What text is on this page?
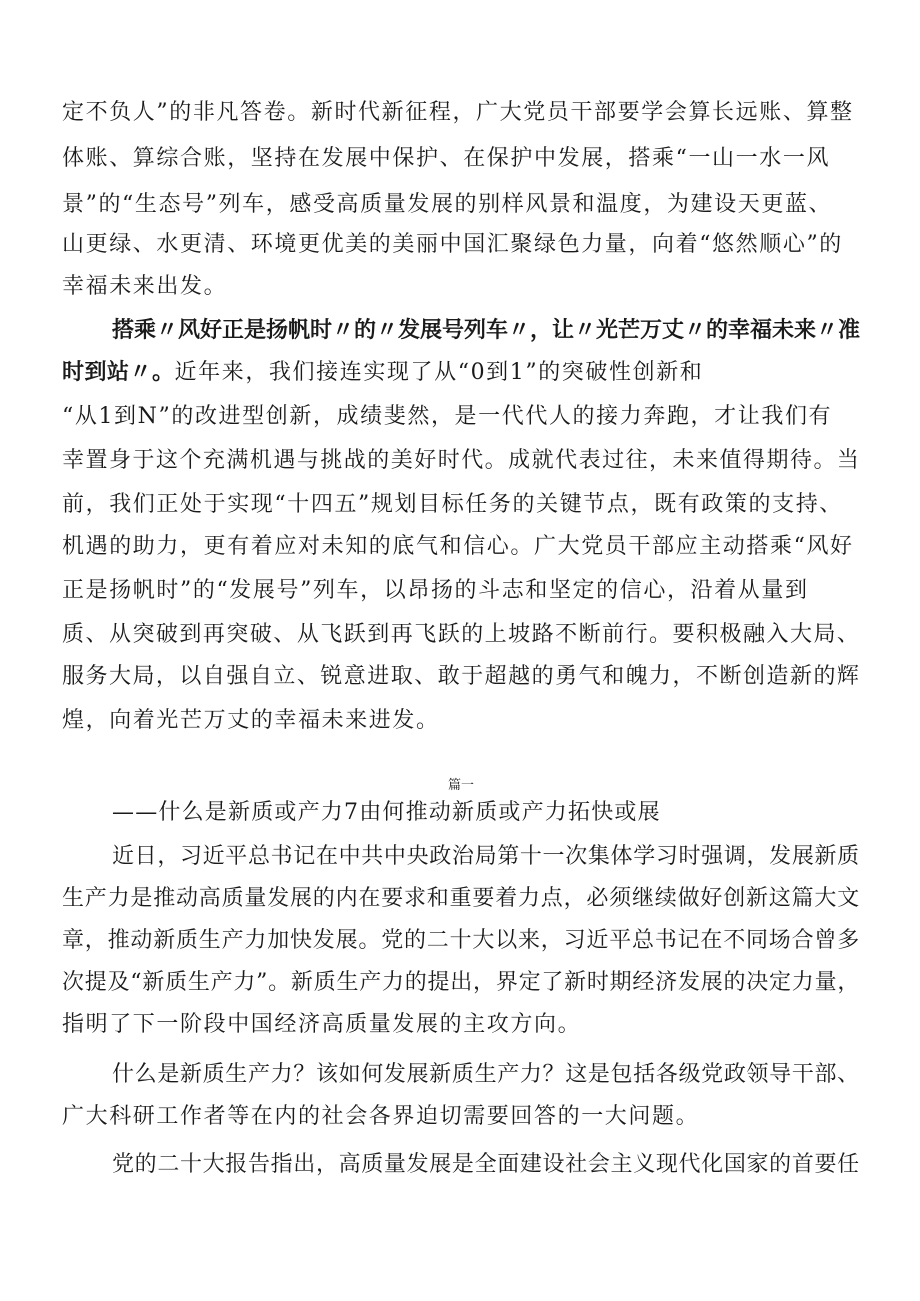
定不负人”的非凡答卷。新时代新征程，广大党员干部要学会算长远账、算整
体账、算综合账，坚持在发展中保护、在保护中发展，搭乘“一山一水一风
景”的“生态号”列车，感受高质量发展的别样风景和温度，为建设天更蓝、
山更绿、水更清、环境更优美的美丽中国汇聚绿色力量，向着“悠然顺心”的
幸福未来出发。
搭乘〃风好正是扬帆时〃的〃发展号列车〃，让〃光芒万丈〃的幸福未来〃准
时到站〃。近年来，我们接连实现了从“0到1”的突破性创新和
“从1到N”的改进型创新，成绩斐然，是一代代人的接力奔跑，才让我们有
幸置身于这个充满机遇与挑战的美好时代。成就代表过往，未来值得期待。当
前，我们正处于实现“十四五”规划目标任务的关键节点，既有政策的支持、
机遇的助力，更有着应对未知的底气和信心。广大党员干部应主动搭乘“风好
正是扬帆时”的“发展号”列车，以昂扬的斗志和坚定的信心，沿着从量到
质、从突破到再突破、从飞跃到再飞跃的上坡路不断前行。要积极融入大局、
服务大局，以自强自立、锐意进取、敢于超越的勇气和魄力，不断创造新的辉
煌，向着光芒万丈的幸福未来进发。
篇一
——什么是新质或产力7由何推动新质或产力拓快或展
近日，习近平总书记在中共中央政治局第十一次集体学习时强调，发展新质
生产力是推动高质量发展的内在要求和重要着力点，必须继续做好创新这篇大文
章，推动新质生产力加快发展。党的二十大以来，习近平总书记在不同场合曾多
次提及“新质生产力”。新质生产力的提出，界定了新时期经济发展的决定力量，
指明了下一阶段中国经济高质量发展的主攻方向。
什么是新质生产力？该如何发展新质生产力？这是包括各级党政领导干部、
广大科研工作者等在内的社会各界迫切需要回答的一大问题。
党的二十大报告指出，高质量发展是全面建设社会主义现代化国家的首要任
